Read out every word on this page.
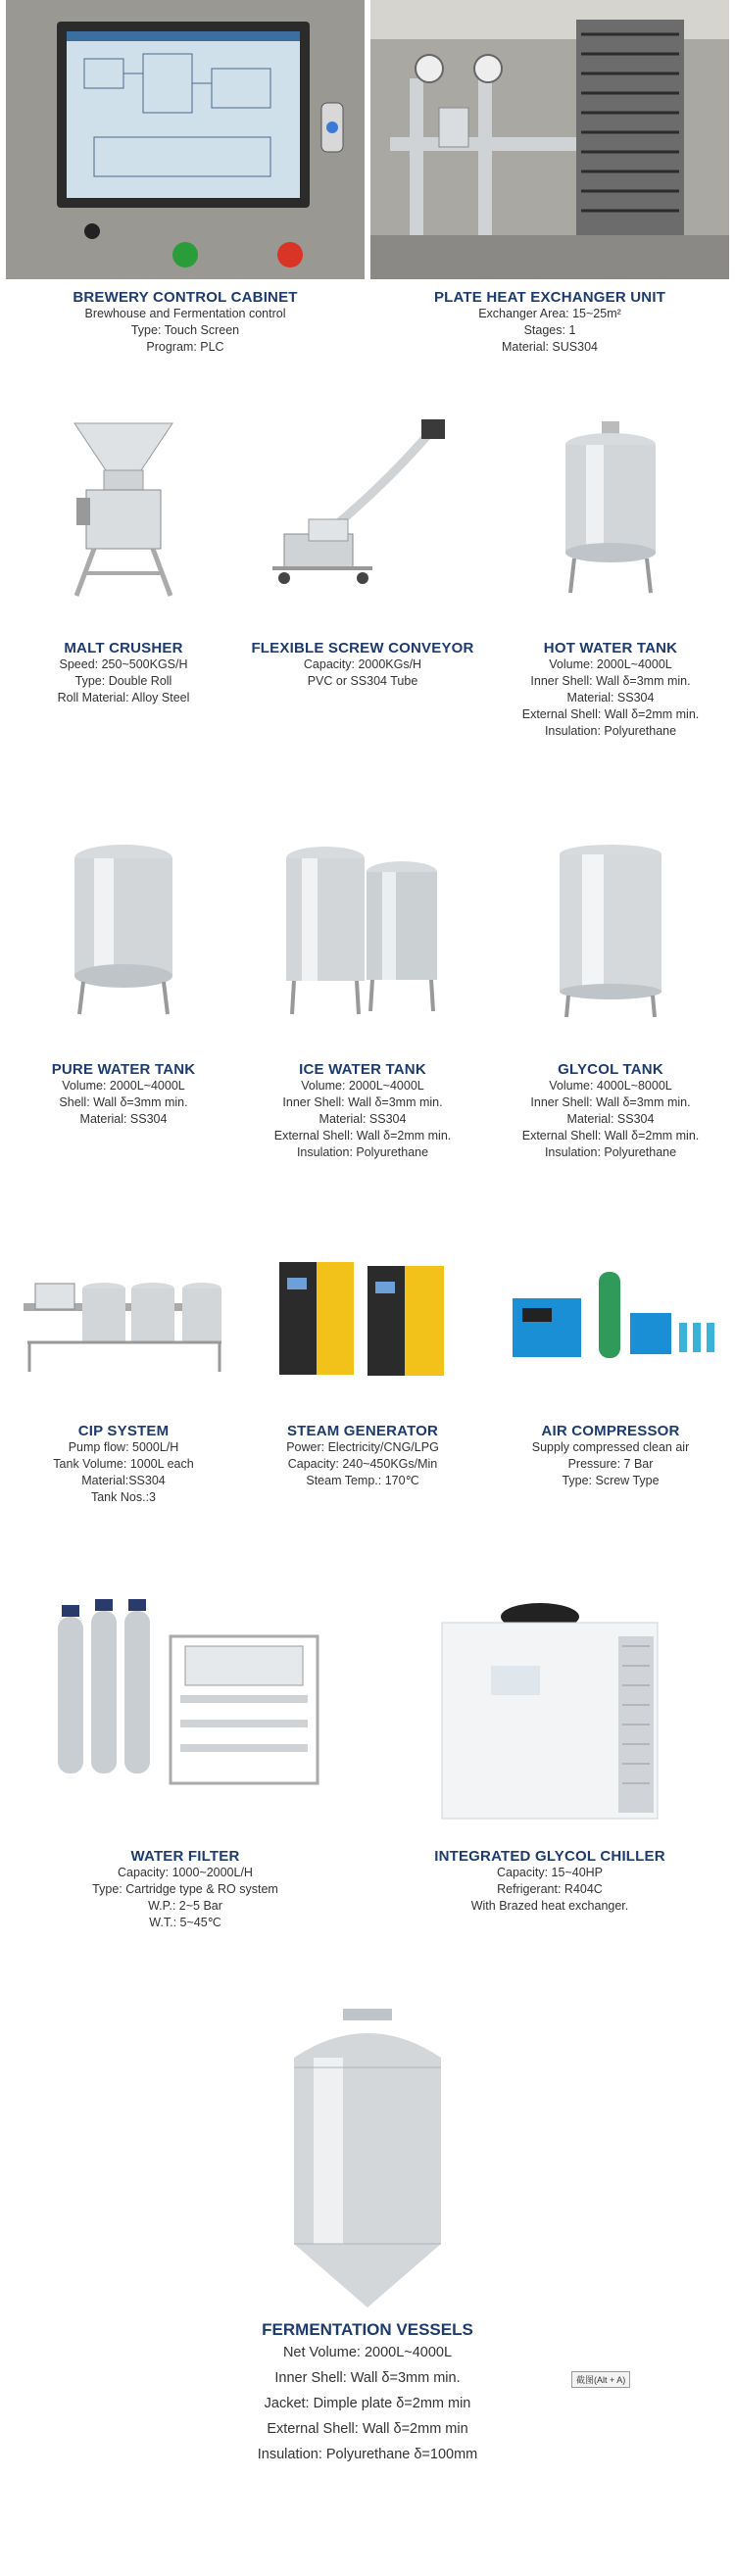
BREWERY CONTROL CABINET
Brewhouse and Fermentation control
Type: Touch Screen
Program: PLC
PLATE HEAT EXCHANGER UNIT
Exchanger Area: 15~25m²
Stages: 1
Material: SUS304
MALT CRUSHER
Speed: 250~500KGS/H
Type: Double Roll
Roll Material: Alloy Steel
FLEXIBLE SCREW CONVEYOR
Capacity: 2000KGs/H
PVC or SS304 Tube
HOT WATER TANK
Volume: 2000L~4000L
Inner Shell: Wall δ=3mm min.
Material: SS304
External Shell: Wall δ=2mm min.
Insulation: Polyurethane
PURE WATER TANK
Volume: 2000L~4000L
Shell: Wall δ=3mm min.
Material: SS304
ICE WATER TANK
Volume: 2000L~4000L
Inner Shell: Wall δ=3mm min.
Material: SS304
External Shell: Wall δ=2mm min.
Insulation: Polyurethane
GLYCOL TANK
Volume: 4000L~8000L
Inner Shell: Wall δ=3mm min.
Material: SS304
External Shell: Wall δ=2mm min.
Insulation: Polyurethane
CIP SYSTEM
Pump flow: 5000L/H
Tank Volume: 1000L each
Material:SS304
Tank Nos.:3
STEAM GENERATOR
Power: Electricity/CNG/LPG
Capacity: 240~450KGs/Min
Steam Temp.: 170℃
AIR COMPRESSOR
Supply compressed clean air
Pressure: 7 Bar
Type: Screw Type
WATER FILTER
Capacity: 1000~2000L/H
Type: Cartridge type & RO system
W.P.: 2~5 Bar
W.T.: 5~45℃
INTEGRATED GLYCOL CHILLER
Capacity: 15~40HP
Refrigerant: R404C
With Brazed heat exchanger.
FERMENTATION VESSELS
Net Volume: 2000L~4000L
Inner Shell: Wall δ=3mm min.
Jacket: Dimple plate δ=2mm min
External Shell: Wall δ=2mm min
Insulation: Polyurethane δ=100mm
截图(Alt + A)
